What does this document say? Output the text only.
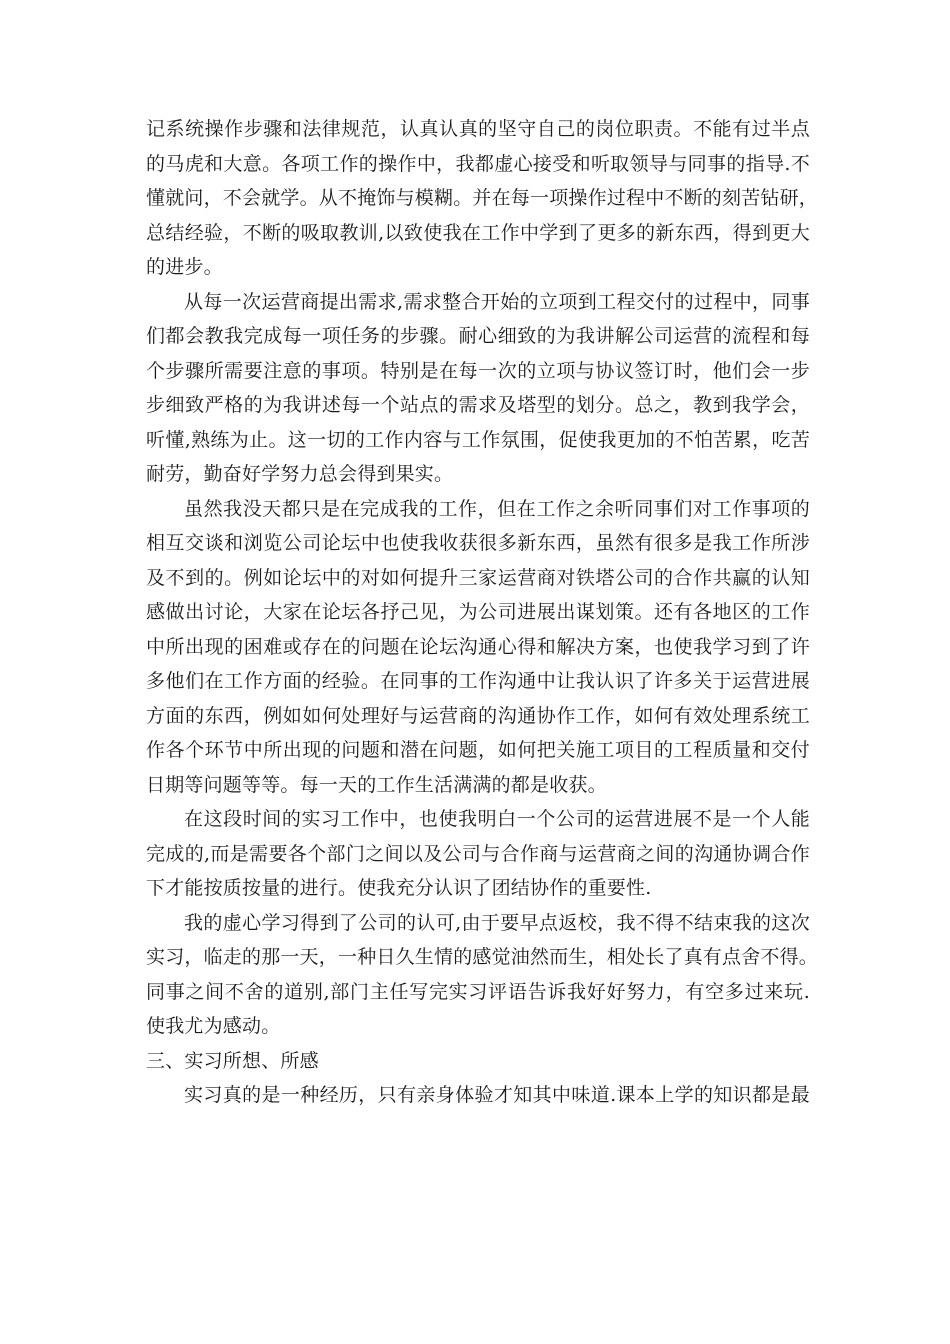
记系统操作步骤和法律规范，认真认真的坚守自己的岗位职责。不能有过半点
的马虎和大意。各项工作的操作中，我都虚心接受和听取领导与同事的指导.不
懂就问，不会就学。从不掩饰与模糊。并在每一项操作过程中不断的刻苦钻研，
总结经验，不断的吸取教训,以致使我在工作中学到了更多的新东西，得到更大
的进步。
从每一次运营商提出需求,需求整合开始的立项到工程交付的过程中，同事
们都会教我完成每一项任务的步骤。耐心细致的为我讲解公司运营的流程和每
个步骤所需要注意的事项。特别是在每一次的立项与协议签订时，他们会一步
步细致严格的为我讲述每一个站点的需求及塔型的划分。总之，教到我学会，
听懂,熟练为止。这一切的工作内容与工作氛围，促使我更加的不怕苦累，吃苦
耐劳，勤奋好学努力总会得到果实。
虽然我没天都只是在完成我的工作，但在工作之余听同事们对工作事项的
相互交谈和浏览公司论坛中也使我收获很多新东西，虽然有很多是我工作所涉
及不到的。例如论坛中的对如何提升三家运营商对铁塔公司的合作共赢的认知
感做出讨论，大家在论坛各抒己见，为公司进展出谋划策。还有各地区的工作
中所出现的困难或存在的问题在论坛沟通心得和解决方案，也使我学习到了许
多他们在工作方面的经验。在同事的工作沟通中让我认识了许多关于运营进展
方面的东西，例如如何处理好与运营商的沟通协作工作，如何有效处理系统工
作各个环节中所出现的问题和潜在问题，如何把关施工项目的工程质量和交付
日期等问题等等。每一天的工作生活满满的都是收获。
在这段时间的实习工作中，也使我明白一个公司的运营进展不是一个人能
完成的,而是需要各个部门之间以及公司与合作商与运营商之间的沟通协调合作
下才能按质按量的进行。使我充分认识了团结协作的重要性.
我的虚心学习得到了公司的认可,由于要早点返校，我不得不结束我的这次
实习，临走的那一天，一种日久生情的感觉油然而生，相处长了真有点舍不得。
同事之间不舍的道别,部门主任写完实习评语告诉我好好努力，有空多过来玩.
使我尤为感动。
三、实习所想、所感
实习真的是一种经历，只有亲身体验才知其中味道.课本上学的知识都是最
